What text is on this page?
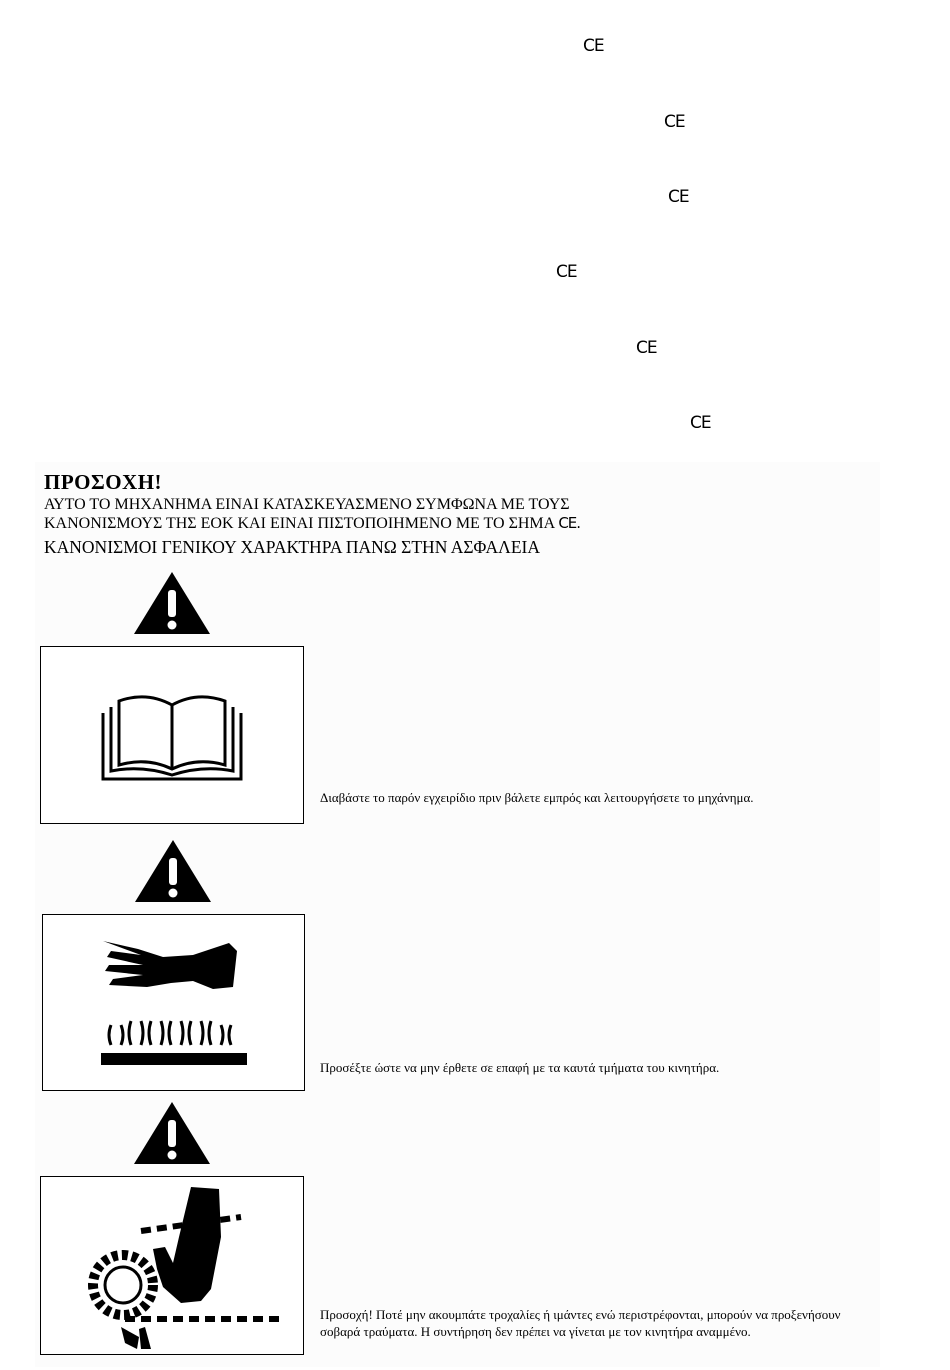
CE
CE
CE
CE
CE
CE
ΠΡΟΣΟΧΗ!

ΑΥΤΟ ΤΟ ΜΗΧΑΝΗΜΑ ΕΙΝΑΙ ΚΑΤΑΣΚΕΥΑΣΜΕΝΟ ΣΥΜΦΩΝΑ ΜΕ ΤΟΥΣ

ΚΑΝΟΝΙΣΜΟΥΣ ΤΗΣ ΕΟΚ ΚΑΙ ΕΙΝΑΙ ΠΙΣΤΟΠΟΙΗΜΕΝΟ ΜΕ ΤΟ ΣΗΜΑ CE.

ΚΑΝΟΝΙΣΜΟΙ ΓΕΝΙΚΟΥ ΧΑΡΑΚΤΗΡΑ ΠΑΝΩ ΣΤΗΝ ΑΣΦΑΛΕΙΑ

Διαβάστε το παρόν εγχειρίδιο πριν βάλετε εμπρός και λειτουργήσετε το μηχάνημα.

Προσέξτε ώστε να μην έρθετε σε επαφή με τα καυτά τμήματα του κινητήρα.

Προσοχή! Ποτέ μην ακουμπάτε τροχαλίες ή ιμάντες ενώ περιστρέφονται, μπορούν να προξενήσουν σοβαρά τραύματα. Η συντήρηση δεν πρέπει να γίνεται με τον κινητήρα αναμμένο.
